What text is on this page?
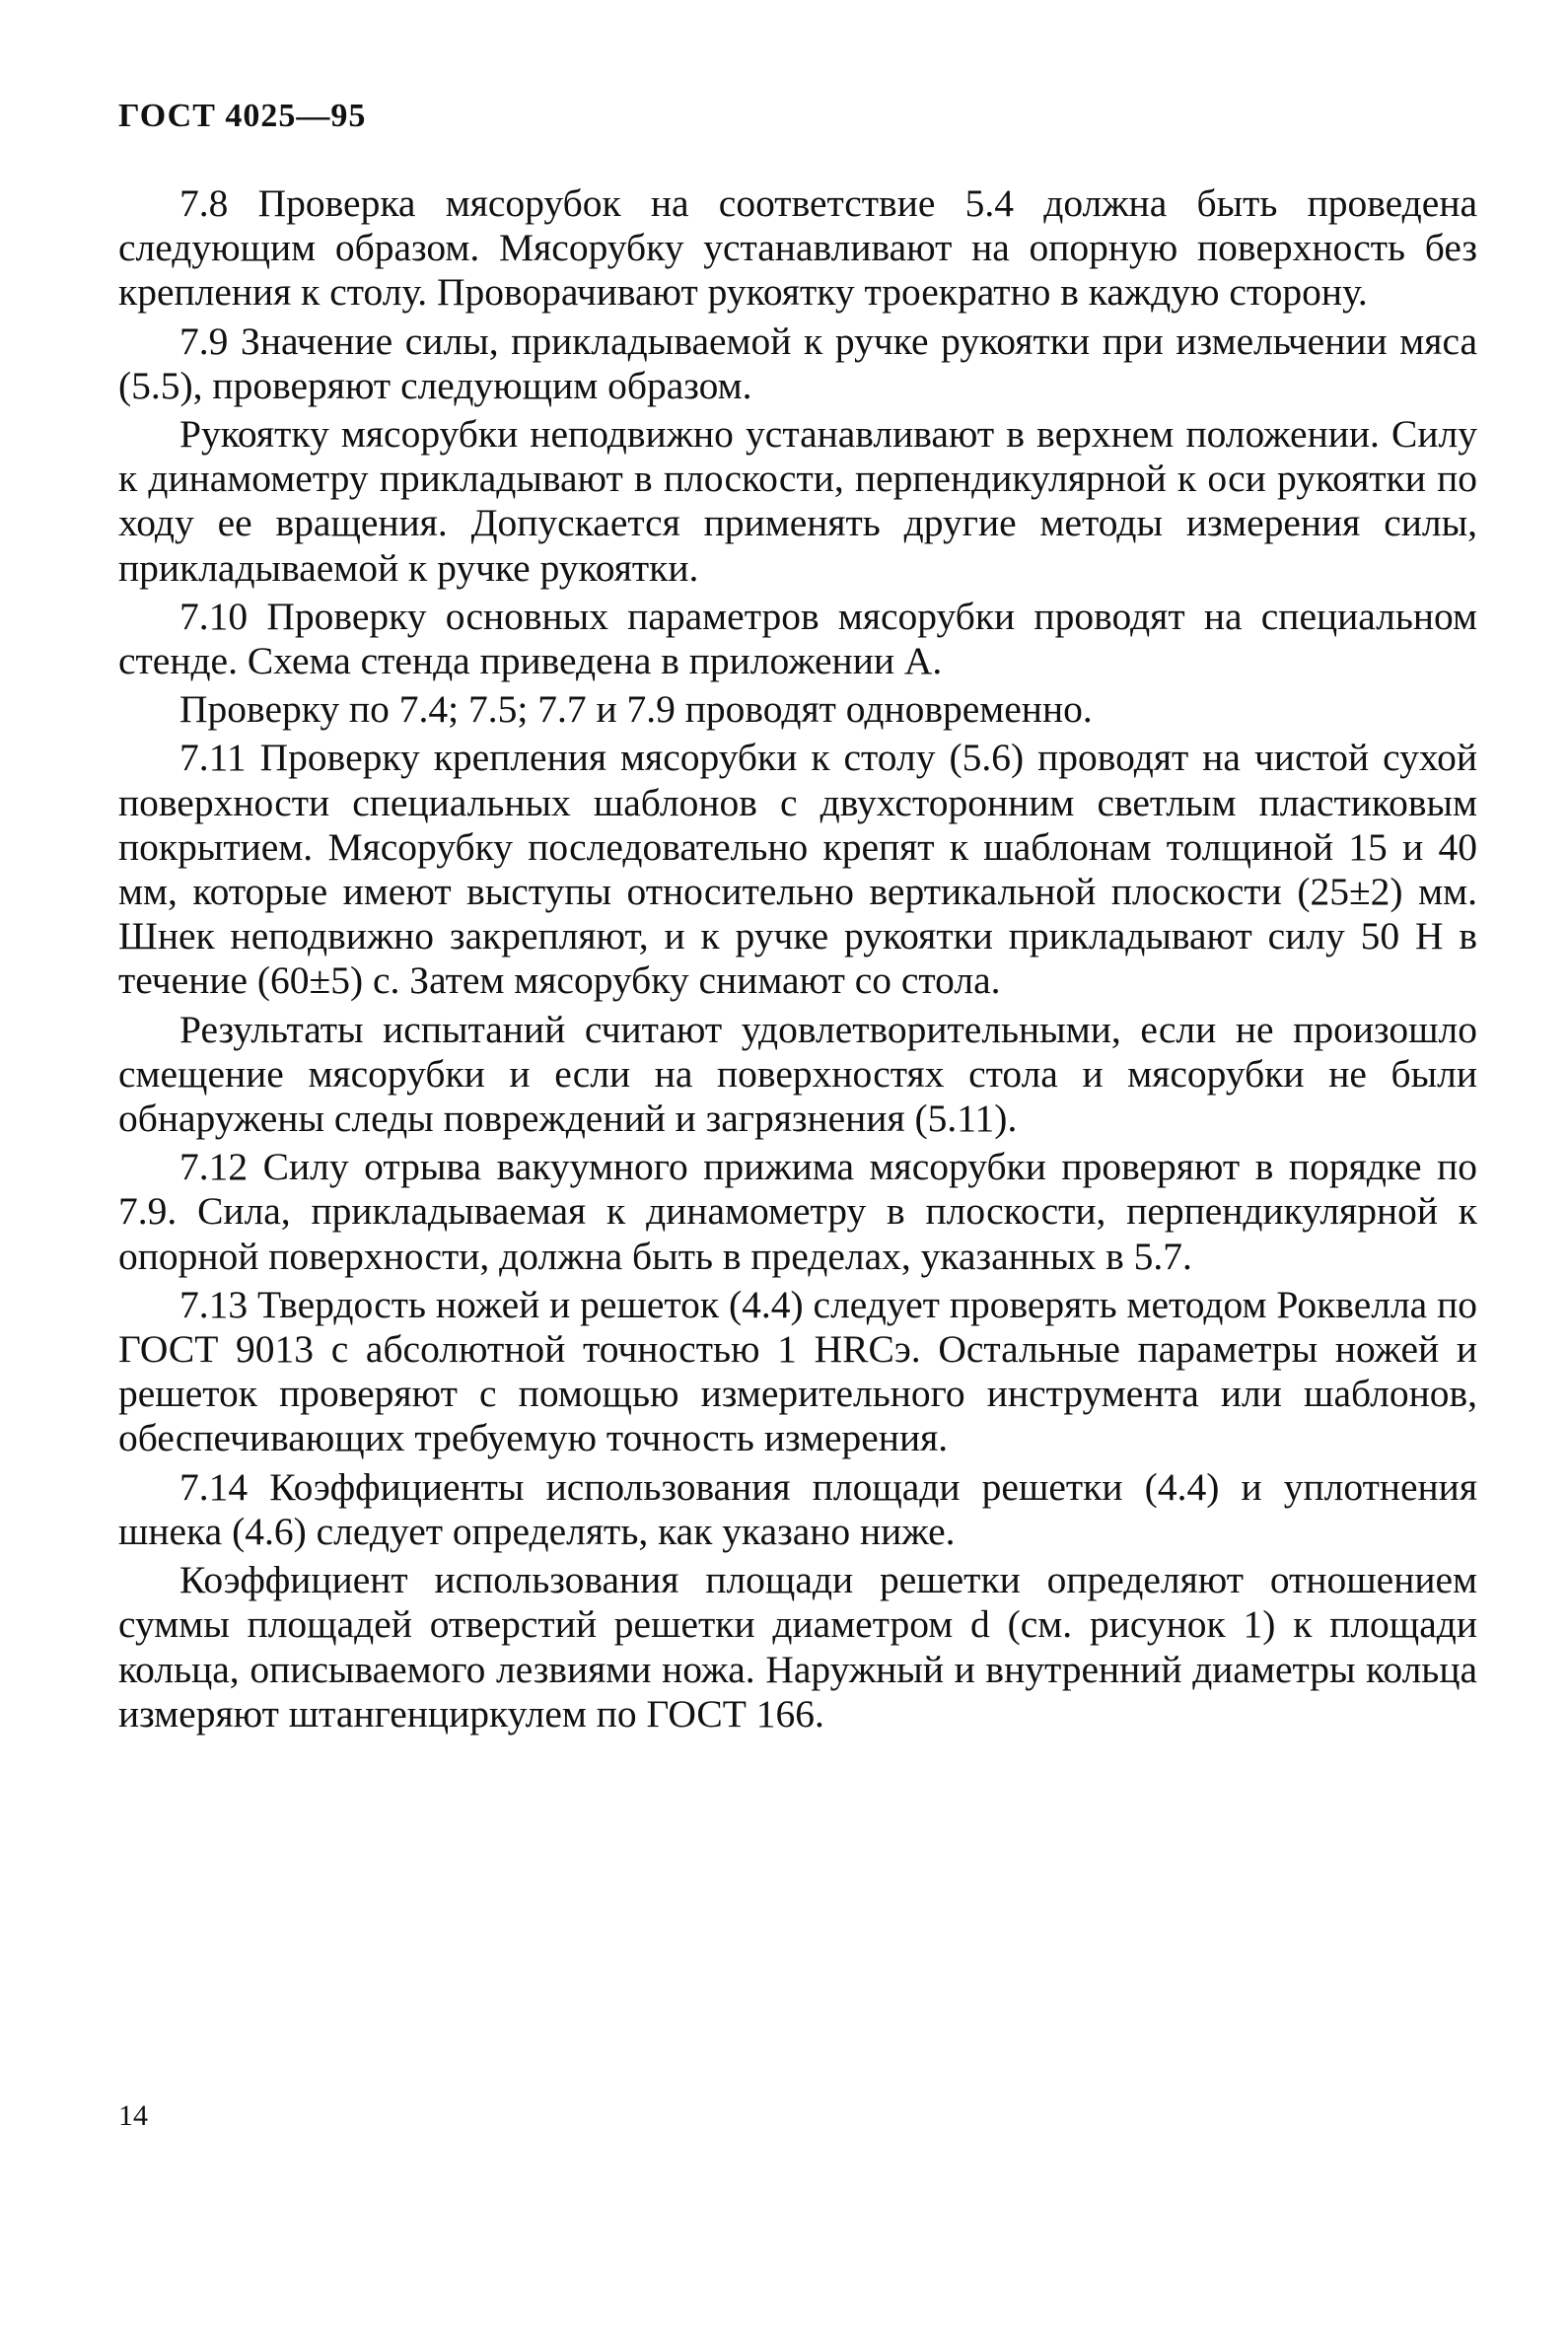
ГОСТ 4025—95

7.8 Проверка мясорубок на соответствие 5.4 должна быть проведена следующим образом. Мясорубку устанавливают на опорную поверхность без крепления к столу. Проворачивают рукоятку троекратно в каждую сторону.

7.9 Значение силы, прикладываемой к ручке рукоятки при измельчении мяса (5.5), проверяют следующим образом.

Рукоятку мясорубки неподвижно устанавливают в верхнем положении. Силу к динамометру прикладывают в плоскости, перпендикулярной к оси рукоятки по ходу ее вращения. Допускается применять другие методы измерения силы, прикладываемой к ручке рукоятки.

7.10 Проверку основных параметров мясорубки проводят на специальном стенде. Схема стенда приведена в приложении А.

Проверку по 7.4; 7.5; 7.7 и 7.9 проводят одновременно.

7.11 Проверку крепления мясорубки к столу (5.6) проводят на чистой сухой поверхности специальных шаблонов с двухсторонним светлым пластиковым покрытием. Мясорубку последовательно крепят к шаблонам толщиной 15 и 40 мм, которые имеют выступы относительно вертикальной плоскости (25±2) мм. Шнек неподвижно закрепляют, и к ручке рукоятки прикладывают силу 50 Н в течение (60±5) с. Затем мясорубку снимают со стола.

Результаты испытаний считают удовлетворительными, если не произошло смещение мясорубки и если на поверхностях стола и мясорубки не были обнаружены следы повреждений и загрязнения (5.11).

7.12 Силу отрыва вакуумного прижима мясорубки проверяют в порядке по 7.9. Сила, прикладываемая к динамометру в плоскости, перпендикулярной к опорной поверхности, должна быть в пределах, указанных в 5.7.

7.13 Твердость ножей и решеток (4.4) следует проверять методом Роквелла по ГОСТ 9013 с абсолютной точностью 1 HRCэ. Остальные параметры ножей и решеток проверяют с помощью измерительного инструмента или шаблонов, обеспечивающих требуемую точность измерения.

7.14 Коэффициенты использования площади решетки (4.4) и уплотнения шнека (4.6) следует определять, как указано ниже.

Коэффициент использования площади решетки определяют отношением суммы площадей отверстий решетки диаметром d (см. рисунок 1) к площади кольца, описываемого лезвиями ножа. Наружный и внутренний диаметры кольца измеряют штангенциркулем по ГОСТ 166.

14
